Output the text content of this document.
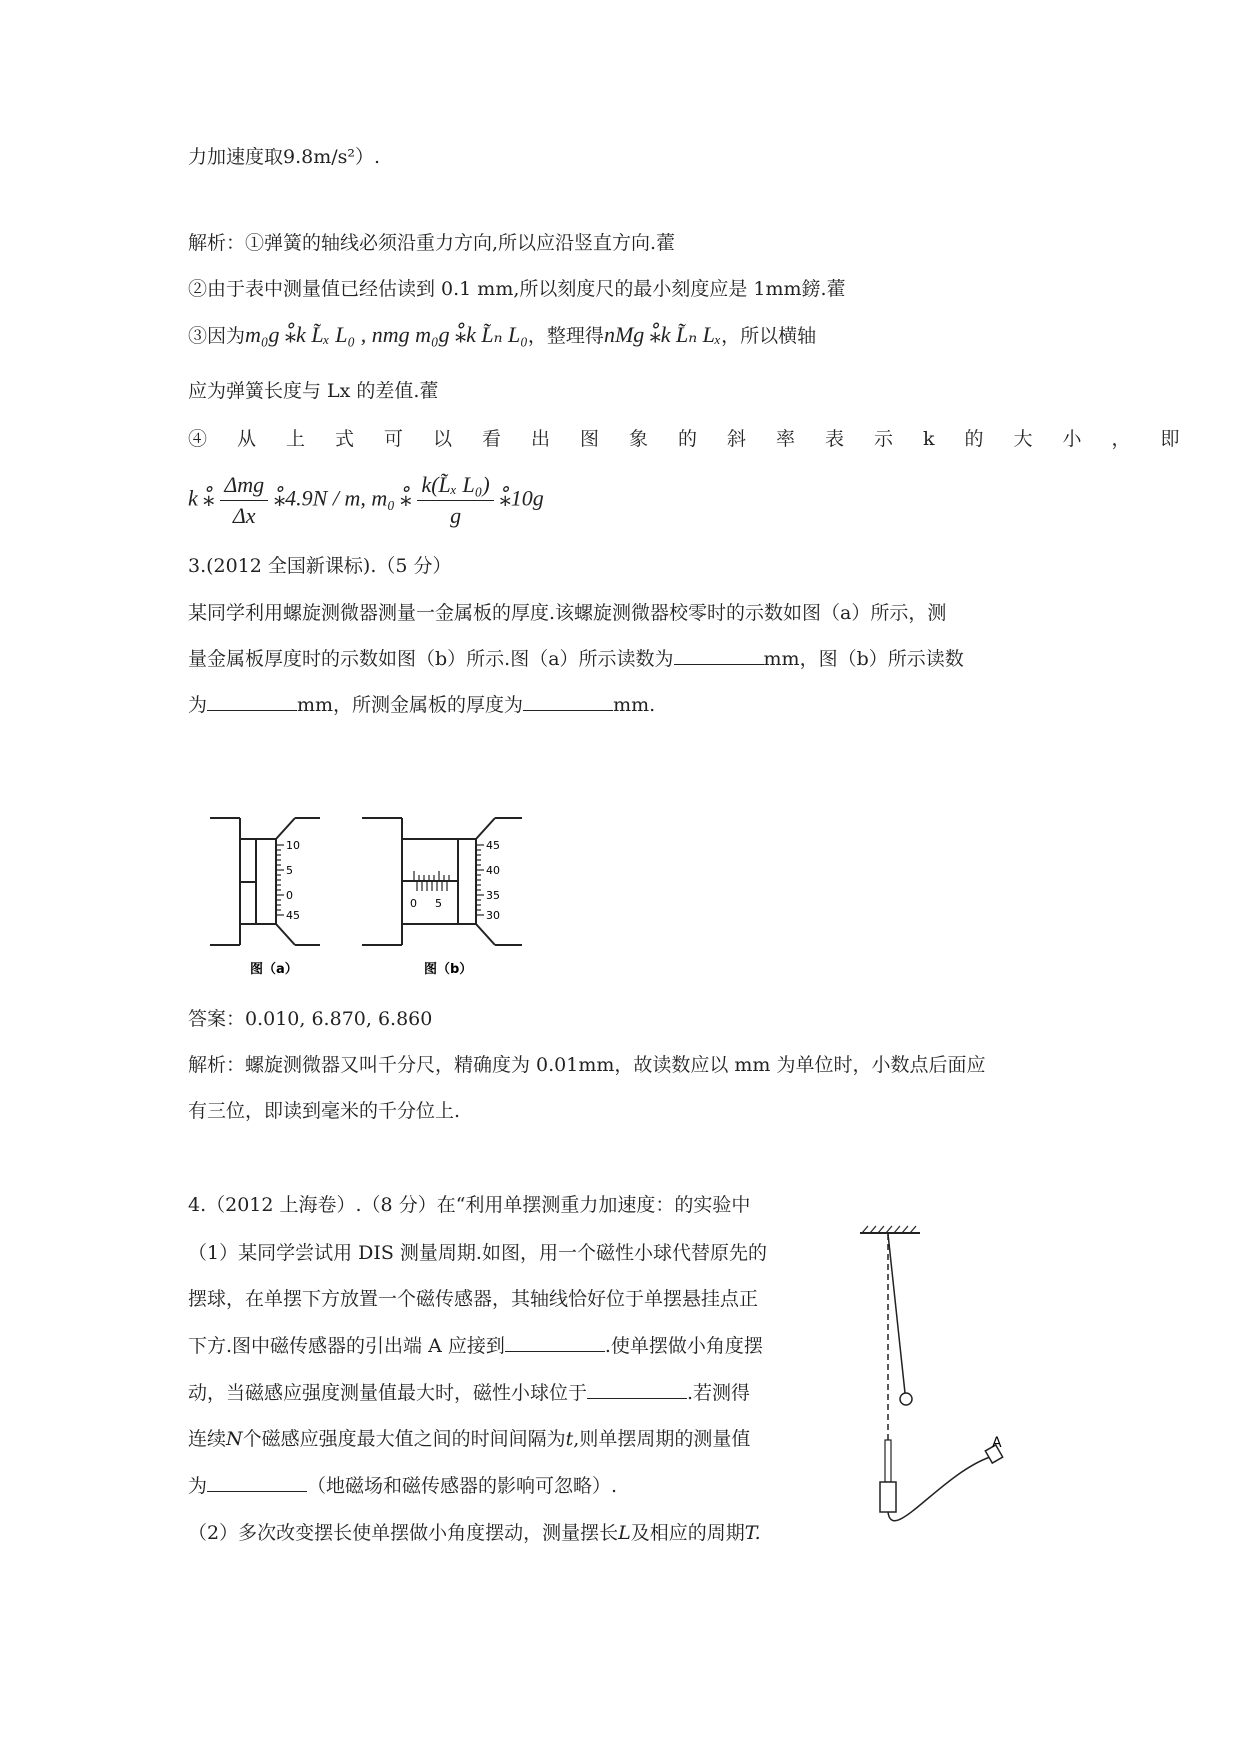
力加速度取9.8m/s²）.
解析：①弹簧的轴线必须沿重力方向,所以应沿竖直方向.藿
②由于表中测量值已经估读到 0.1 mm,所以刻度尺的最小刻度应是 1mm鎊.藿
③因为m₀g ⁎̊k L̃ₓ L₀ , nmg m₀g ⁎̊k L̃ₙ L₀，整理得nMg ⁎̊k L̃ₙ Lₓ，所以横轴
应为弹簧长度与 Lx 的差值.藿
④从上式可以看出图象的斜率表示k的大小，即
k ⁎̊ $\frac{\text{Δmg}}{\Delta x}$ ⁎̊4.9N / m, m₀ ⁎̊ $\frac{\text{k(L̃ₓ L₀)}}{g}$ ⁎̊10g
3.(2012 全国新课标).（5 分）
某同学利用螺旋测微器测量一金属板的厚度.该螺旋测微器校零时的示数如图（a）所示，测
量金属板厚度时的示数如图（b）所示.图（a）所示读数为	mm，图（b）所示读数
为	mm，所测金属板的厚度为	mm.
10
5
0
45
图（a）
0 5
45
40
35
30
图（b）
答案：0.010, 6.870, 6.860
解析：螺旋测微器又叫千分尺，精确度为 0.01mm，故读数应以 mm 为单位时，小数点后面应
有三位，即读到毫米的千分位上.
4.（2012 上海卷）.（8 分）在“利用单摆测重力加速度：的实验中
（1）某同学尝试用 DIS 测量周期.如图，用一个磁性小球代替原先的
摆球，在单摆下方放置一个磁传感器，其轴线恰好位于单摆悬挂点正
下方.图中磁传感器的引出端 A 应接到	.使单摆做小角度摆
动，当磁感应强度测量值最大时，磁性小球位于	.若测得
连续N个磁感应强度最大值之间的时间间隔为t,则单摆周期的测量值
为	（地磁场和磁传感器的影响可忽略）.
（2）多次改变摆长使单摆做小角度摆动，测量摆长L及相应的周期T.
A
